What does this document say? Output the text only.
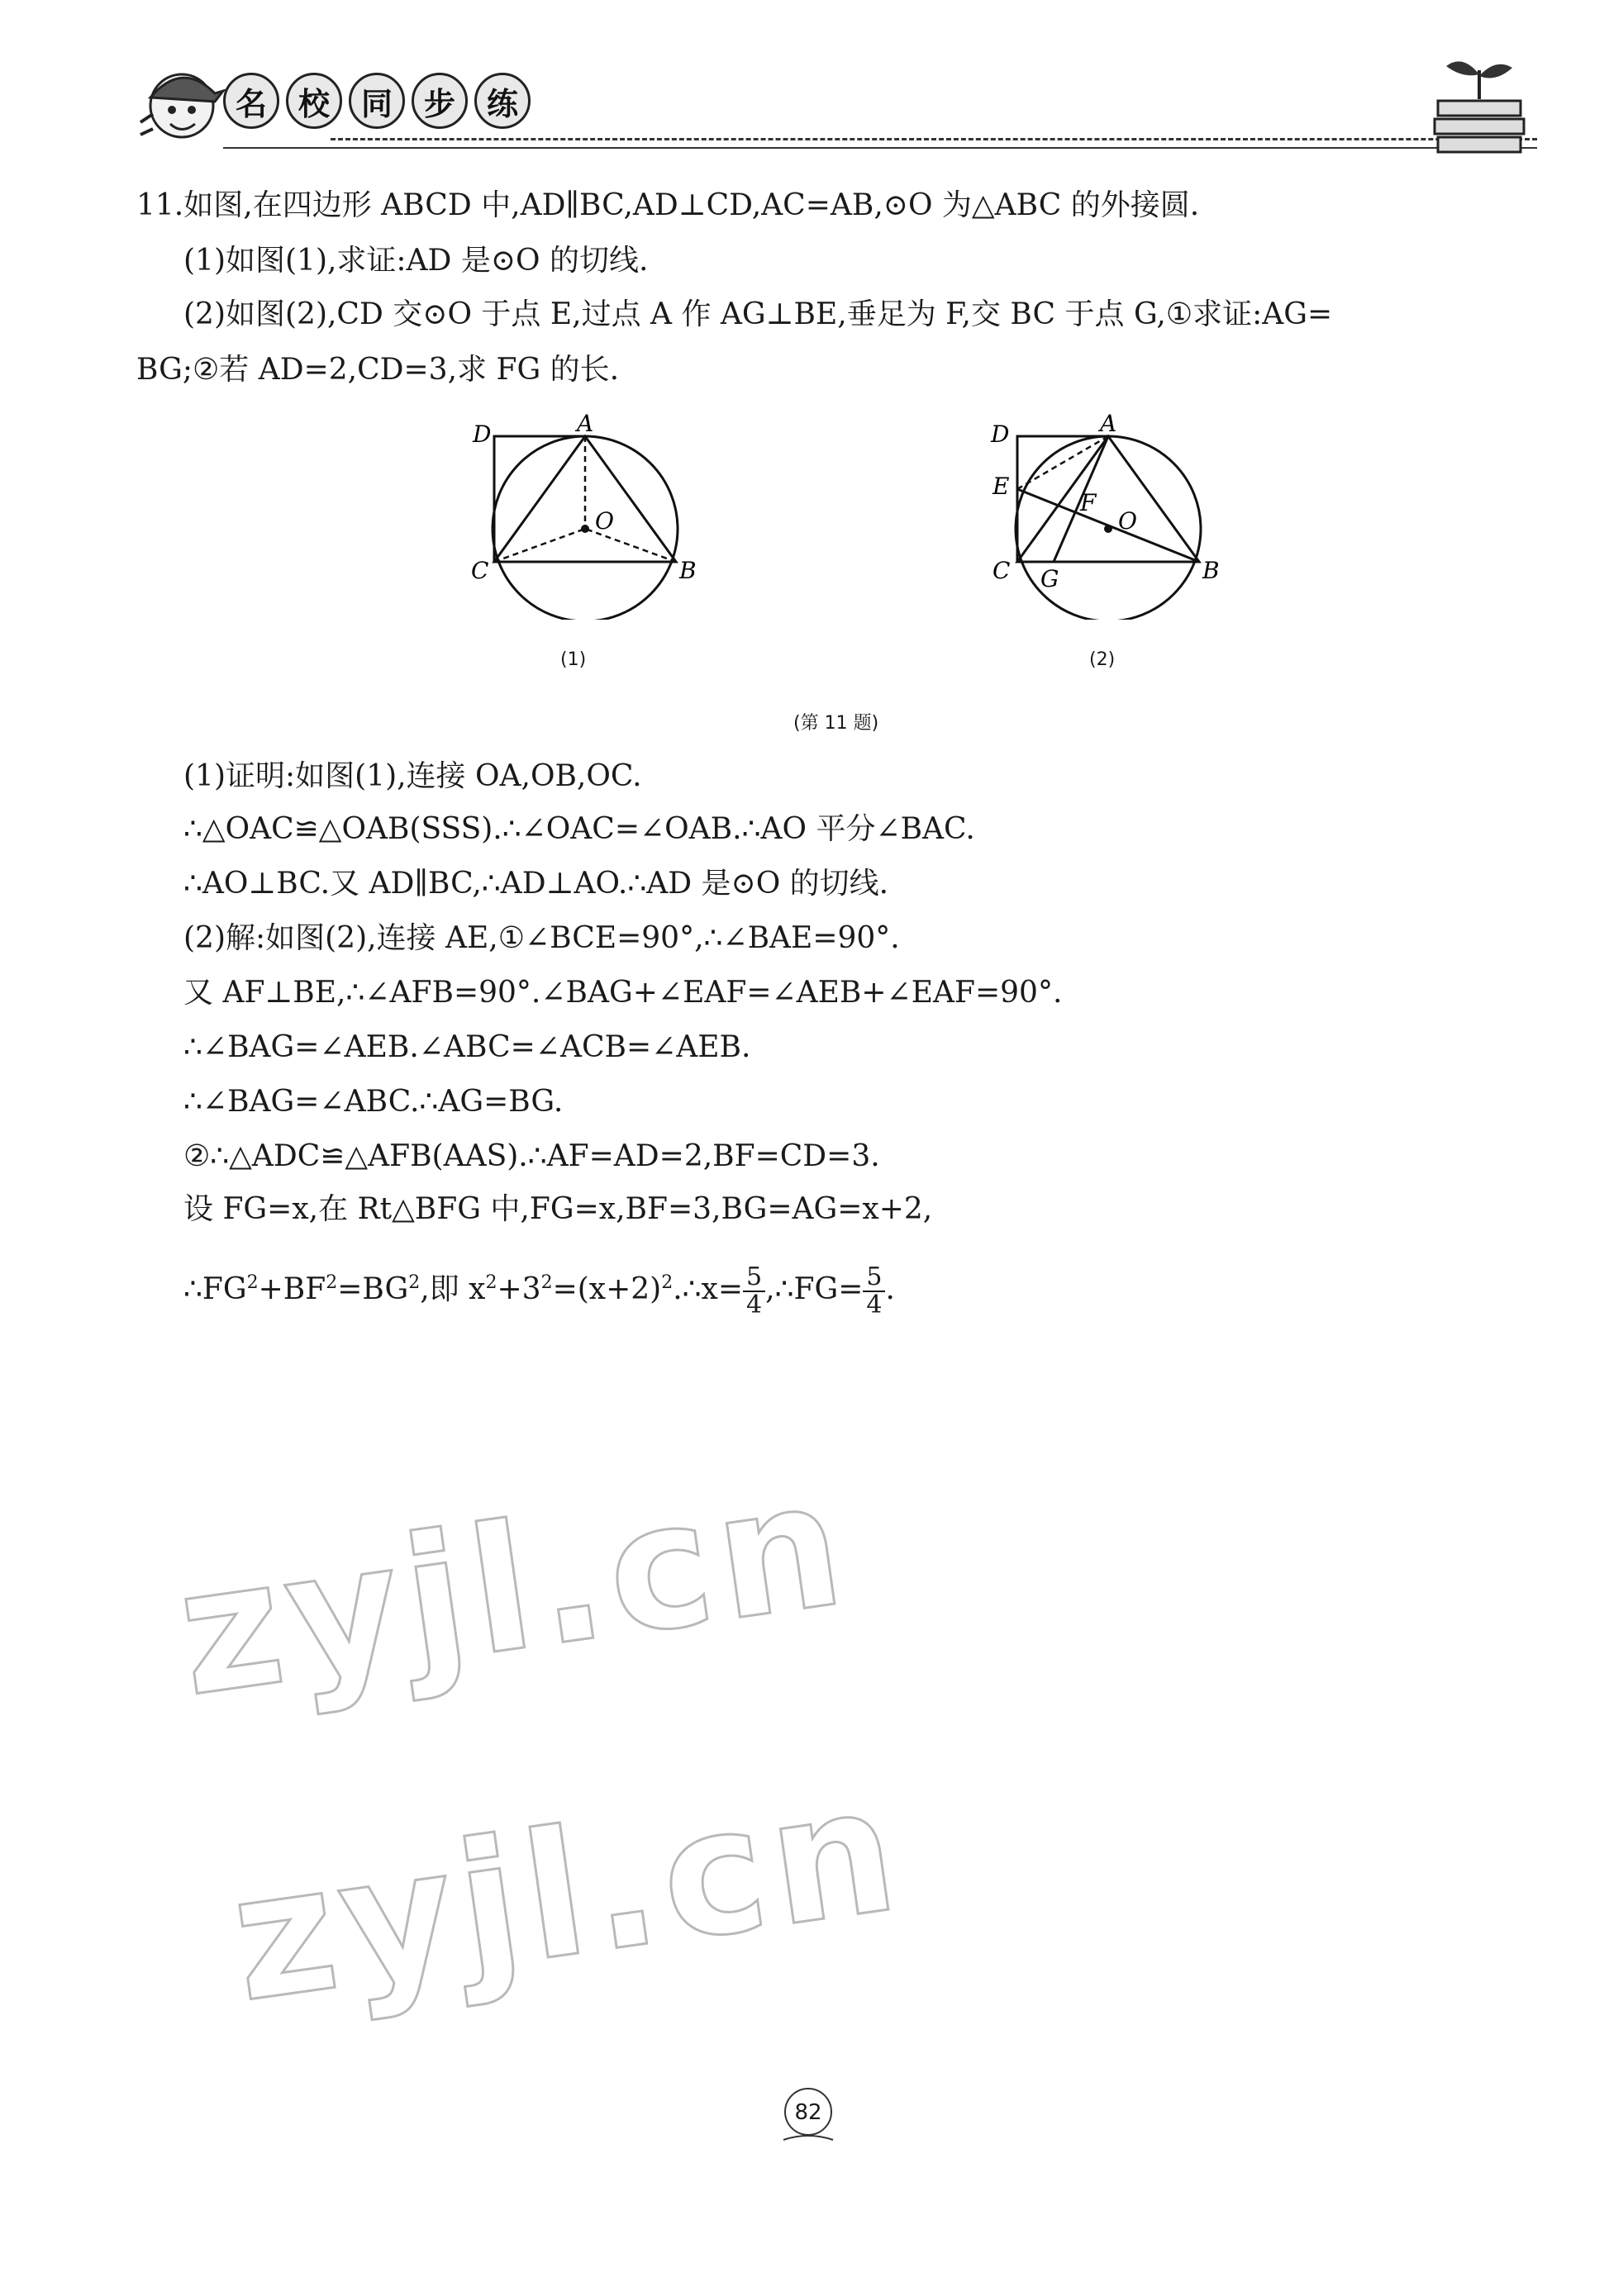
名 校 同 步 练
11.如图,在四边形 ABCD 中,AD∥BC,AD⊥CD,AC=AB,⊙O 为△ABC 的外接圆.
(1)如图(1),求证:AD 是⊙O 的切线.
(2)如图(2),CD 交⊙O 于点 E,过点 A 作 AG⊥BE,垂足为 F,交 BC 于点 G,①求证:AG=
BG;②若 AD=2,CD=3,求 FG 的长.
D	A
O
C	B
(1)
D	A
E
F
O
C G	B
(2)
(第 11 题)
(1)证明:如图(1),连接 OA,OB,OC.
∴△OAC≌△OAB(SSS).∴∠OAC=∠OAB.∴AO 平分∠BAC.
∴AO⊥BC.又 AD∥BC,∴AD⊥AO.∴AD 是⊙O 的切线.
(2)解:如图(2),连接 AE,①∠BCE=90°,∴∠BAE=90°.
又 AF⊥BE,∴∠AFB=90°.∠BAG+∠EAF=∠AEB+∠EAF=90°.
∴∠BAG=∠AEB.∠ABC=∠ACB=∠AEB.
∴∠BAG=∠ABC.∴AG=BG.
②∴△ADC≌△AFB(AAS).∴AF=AD=2,BF=CD=3.
设 FG=x,在 Rt△BFG 中,FG=x,BF=3,BG=AG=x+2,
$\therefore FG^2+BF^2=BG^2$,即 $x^2+3^2=(x+2)^2.\therefore x= \frac{5}{4}$ ,∴FG= $\frac{5}{4}$ .
zyjl.cn
zyjl.cn
82
